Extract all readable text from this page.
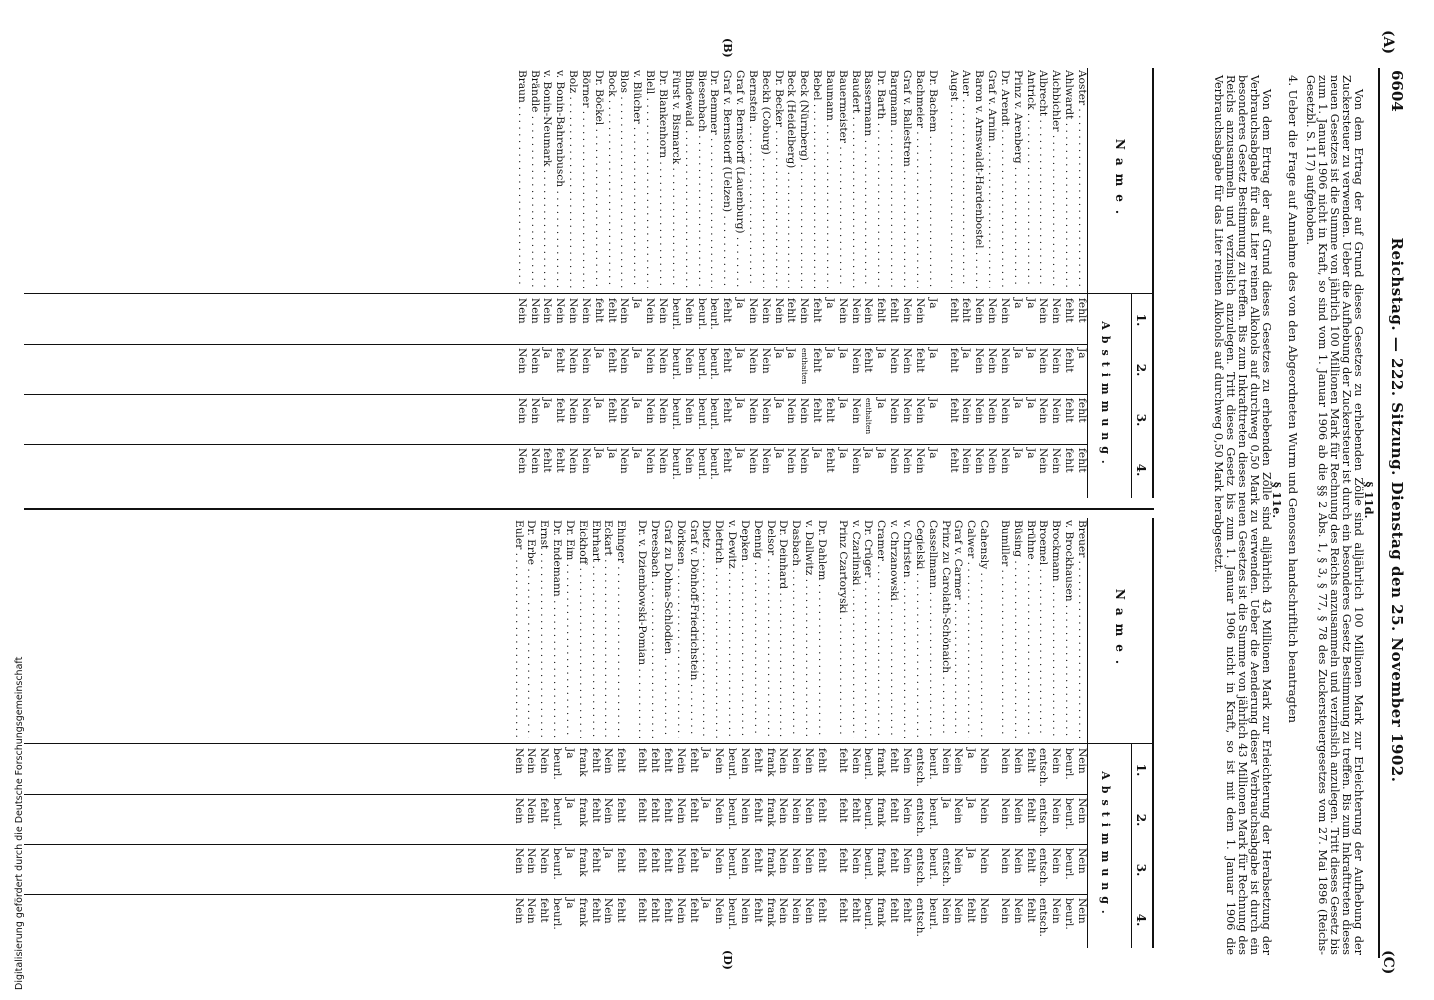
6604
Reichstag. — 222. Sitzung. Dienstag den 25. November 1902.
(A)
(C)
(B)
(D)
§ 11d.

Von dem Ertrag der auf Grund dieses Gesetzes zu erhebenden Zölle sind alljährlich 100 Millionen Mark zur Erleichterung der Aufhebung der Zuckersteuer zu verwenden. Ueber die Aufhebung der Zuckersteuer ist durch ein besonderes Gesetz Bestimmung zu treffen. Bis zum Inkrafttreten dieses neuen Gesetzes ist die Summe von jährlich 100 Millionen Mark für Rechnung des Reichs anzusammeln und verzinslich anzulegen. Tritt dieses Gesetz bis zum 1. Januar 1906 nicht in Kraft, so sind vom 1. Januar 1906 ab die §§ 2 Abs. 1, § 3, § 77, § 78 des Zuckersteuergesetzes vom 27. Mai 1896 (Reichs-Gesetzbl. S. 117) aufgehoben.

4. Ueber die Frage auf Annahme des von den Abgeordneten Wurm und Genossen handschriftlich beantragten
§ 11e.

Von dem Ertrag der auf Grund dieses Gesetzes zu erhebenden Zölle sind alljährlich 43 Millionen Mark zur Erleichterung der Herabsetzung der Verbrauchsabgabe für das Liter reinen Alkohols auf durchweg 0,50 Mark zu verwenden. Ueber die Aenderung dieser Verbrauchsabgabe ist durch ein besonderes Gesetz Bestimmung zu treffen. Bis zum Inkrafttreten dieses neuen Gesetzes ist die Summe von jährlich 43 Millionen Mark für Rechnung des Reichs anzusammeln und verzinslich anzulegen. Tritt dieses Gesetz bis zum 1. Januar 1906 nicht in Kraft, so ist mit dem 1. Januar 1906 die Verbrauchsabgabe für das Liter reinen Alkohols auf durchweg 0,50 Mark herabgesetzt.

Name.
1.
2.
3.
4.
Abstimmung.
Aoster . . .
fehlt
Ja
fehlt
fehlt
Ahlwardt . . .
fehlt
fehlt
fehlt
fehlt
Aichbichler . . .
Nein
Nein
Nein
Nein
Albrecht . . .
Nein
Nein
Nein
Nein
Antrick . . .
Ja
Ja
Ja
Ja
Prinz v. Arenberg . . .
Ja
Ja
Ja
Ja
Dr. Arendt . . .
Nein
Nein
Nein
Nein
Graf v. Arnim . . .
Nein
Nein
Nein
Nein
Baron v. Arnswaldt-Hardenbostel . . .
Nein
Nein
Nein
Nein
Auer . . .
fehlt
Ja
Nein
Nein
Augst . . .
fehlt
fehlt
fehlt
fehlt
Dr. Bachem . . .
Ja
Ja
Ja
Ja
Bachmeier . . .
Nein
fehlt
Nein
Nein
Graf v. Ballestrem . . .
Nein
Nein
Nein
Nein
Bargmann . . .
fehlt
Nein
Nein
Nein
Dr. Barth . . .
fehlt
Ja
Ja
Ja
Bassermann . . .
Nein
fehlt
enthalten
Ja
Baudert . . .
Nein
Nein
Nein
Nein
Bauermeister . . .
Nein
Ja
Ja
Ja
Baumann . . .
Ja
Ja
fehlt
fehlt
Bebel . . .
fehlt
fehlt
fehlt
Ja
Beck (Nürnberg) . . .
Nein
enthalten
Nein
Nein
Beck (Heidelberg) . . .
fehlt
Ja
Nein
Nein
Dr. Becker . . .
Nein
Ja
Ja
Ja
Beckh (Coburg) . . .
Nein
Nein
Nein
Nein
Bernstein . . .
Nein
Nein
Nein
Nein
Graf v. Bernstorff (Lauenburg) . . .
Ja
Ja
Ja
Ja
Graf v. Bernstorff (Uelzen) . . .
fehlt
fehlt
fehlt
fehlt
Dr. Bemmer . . .
beurl.
beurl.
beurl.
beurl.
Biesenbach . . .
beurl.
beurl.
beurl.
beurl.
Bindewald . . .
Nein
Nein
Nein
Nein
Fürst v. Bismarck . . .
beurl.
beurl.
beurl.
beurl.
Dr. Blankenhorn . . .
Nein
Nein
Nein
Nein
Blell . . .
Nein
Nein
Nein
Nein
v. Blücher . . .
Ja
Ja
Ja
Ja
Blos . . .
Nein
Nein
Nein
Nein
Bock . . .
fehlt
fehlt
fehlt
Ja
Dr. Böckel . . .
fehlt
Ja
Ja
Ja
Börner . . .
Nein
Nein
Nein
Nein
Bolz . . .
Nein
Nein
Nein
Nein
v. Bonin-Bahrenbusch . . .
Nein
fehlt
fehlt
fehlt
v. Bonin-Neumark . . .
Nein
Ja
Ja
fehlt
Brändle . . .
Nein
Nein
Nein
Nein
Braun . . .
Nein
Nein
Nein
Nein
Name.
1.
2.
3.
4.
Abstimmung.
Breuer . . .
Nein
Nein
Nein
Nein
v. Brockhausen . . .
beurl.
beurl.
beurl.
beurl.
Brockmann . . .
Nein
Nein
Nein
Nein
Broemel . . .
entsch.
entsch.
entsch.
entsch.
Brühne . . .
fehlt
fehlt
fehlt
fehlt
Büsing . . .
Nein
Nein
Nein
Nein
Bumiller . . .
Nein
Nein
Nein
Nein
Cahensly . . .
Nein
Nein
Nein
Nein
Calwer . . .
Ja
Ja
Ja
fehlt
Graf v. Carmer . . .
Nein
Nein
Nein
Nein
Prinz zu Carolath-Schönaich . . .
Nein
Ja
entsch.
Nein
Cassellmann . . .
beurl.
beurl.
beurl.
beurl.
Cegielski . . .
entsch.
entsch.
entsch.
entsch.
v. Christen . . .
Nein
Nein
Nein
fehlt
v. Chrzanowski . . .
fehlt
fehlt
fehlt
fehlt
Cramer . . .
frank
frank
frank
frank
Dr. Crüger . . .
beurl.
beurl.
beurl.
beurl.
v. Czarlinski . . .
Nein
fehlt
Nein
fehlt
Prinz Czartoryski . . .
fehlt
fehlt
fehlt
fehlt
Dr. Dahlem . . .
fehlt
fehlt
fehlt
fehlt
v. Dallwitz . . .
Nein
Nein
Nein
Nein
Dasbach . . .
Nein
Nein
Nein
Nein
Dr. Deinhard . . .
Nein
Nein
Nein
Nein
Delsor . . .
frank
frank
frank
frank
Dennig . . .
fehlt
fehlt
fehlt
fehlt
Depken . . .
Nein
Nein
Nein
Nein
v. Dewitz . . .
beurl.
beurl.
beurl.
beurl.
Dietrich . . .
Nein
Nein
Nein
Nein
Dietz . . .
Ja
Ja
Ja
Ja
Graf v. Dönhoff-Friedrichstein . . .
fehlt
fehlt
fehlt
fehlt
Dörksen . . .
Nein
Nein
Nein
Nein
Graf zu Dohna-Schlodien . . .
fehlt
fehlt
fehlt
fehlt
Dreesbach . . .
fehlt
fehlt
fehlt
fehlt
Dr. v. Dziembowski-Pomian . . .
fehlt
fehlt
fehlt
fehlt
Ehinger . . .
fehlt
fehlt
fehlt
fehlt
Eckart . . .
Nein
Nein
Ja
Nein
Ehrhart . . .
fehlt
fehlt
fehlt
fehlt
Eickhoff . . .
frank
frank
frank
frank
Dr. Eim . . .
Ja
Ja
Ja
Ja
Dr. Endemann . . .
beurl.
beurl.
beurl.
beurl.
Ernst . . .
Nein
fehlt
Nein
fehlt
Dr. Erbe . . .
Nein
Nein
Nein
Nein
Euler . . .
Nein
Nein
Nein
Nein
Digitalisierung gefördert durch die Deutsche Forschungsgemeinschaft
